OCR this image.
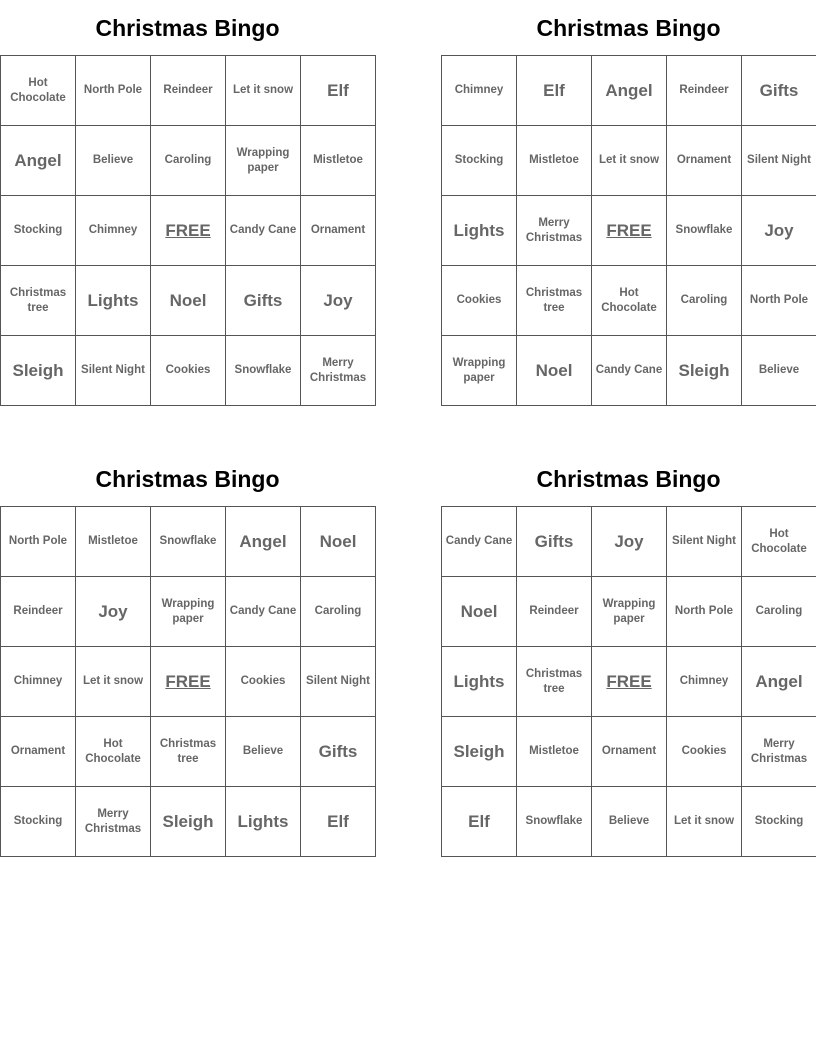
Christmas Bingo
Hot Chocolate	North Pole	Reindeer	Let it snow	Elf
Angel	Believe	Caroling	Wrapping paper	Mistletoe
Stocking	Chimney	FREE	Candy Cane	Ornament
Christmas tree	Lights	Noel	Gifts	Joy
Sleigh	Silent Night	Cookies	Snowflake	Merry Christmas
Christmas Bingo
Chimney	Elf	Angel	Reindeer	Gifts
Stocking	Mistletoe	Let it snow	Ornament	Silent Night
Lights	Merry Christmas	FREE	Snowflake	Joy
Cookies	Christmas tree	Hot Chocolate	Caroling	North Pole
Wrapping paper	Noel	Candy Cane	Sleigh	Believe
Christmas Bingo
North Pole	Mistletoe	Snowflake	Angel	Noel
Reindeer	Joy	Wrapping paper	Candy Cane	Caroling
Chimney	Let it snow	FREE	Cookies	Silent Night
Ornament	Hot Chocolate	Christmas tree	Believe	Gifts
Stocking	Merry Christmas	Sleigh	Lights	Elf
Christmas Bingo
Candy Cane	Gifts	Joy	Silent Night	Hot Chocolate
Noel	Reindeer	Wrapping paper	North Pole	Caroling
Lights	Christmas tree	FREE	Chimney	Angel
Sleigh	Mistletoe	Ornament	Cookies	Merry Christmas
Elf	Snowflake	Believe	Let it snow	Stocking
